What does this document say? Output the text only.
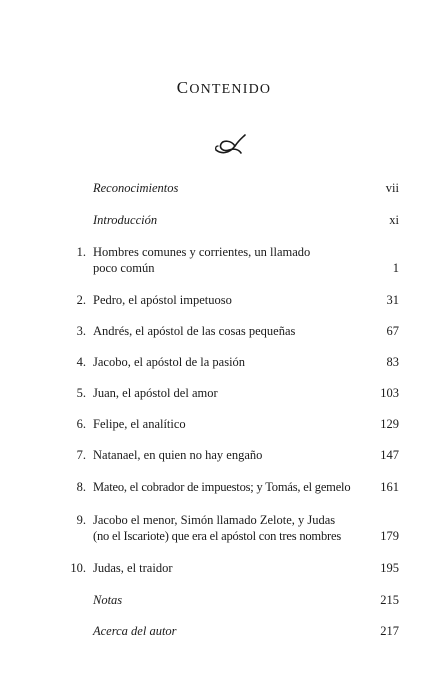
CONTENIDO
Reconocimientos	vii
Introducción	xi
1. Hombres comunes y corrientes, un llamado
poco común	1
2. Pedro, el apóstol impetuoso	31
3. Andrés, el apóstol de las cosas pequeñas	67
4. Jacobo, el apóstol de la pasión	83
5. Juan, el apóstol del amor	103
6. Felipe, el analítico	129
7. Natanael, en quien no hay engaño	147
8. Mateo, el cobrador de impuestos; y Tomás, el gemelo	161
9. Jacobo el menor, Simón llamado Zelote, y Judas
(no el Iscariote) que era el apóstol con tres nombres	179
10. Judas, el traidor	195
Notas	215
Acerca del autor	217
